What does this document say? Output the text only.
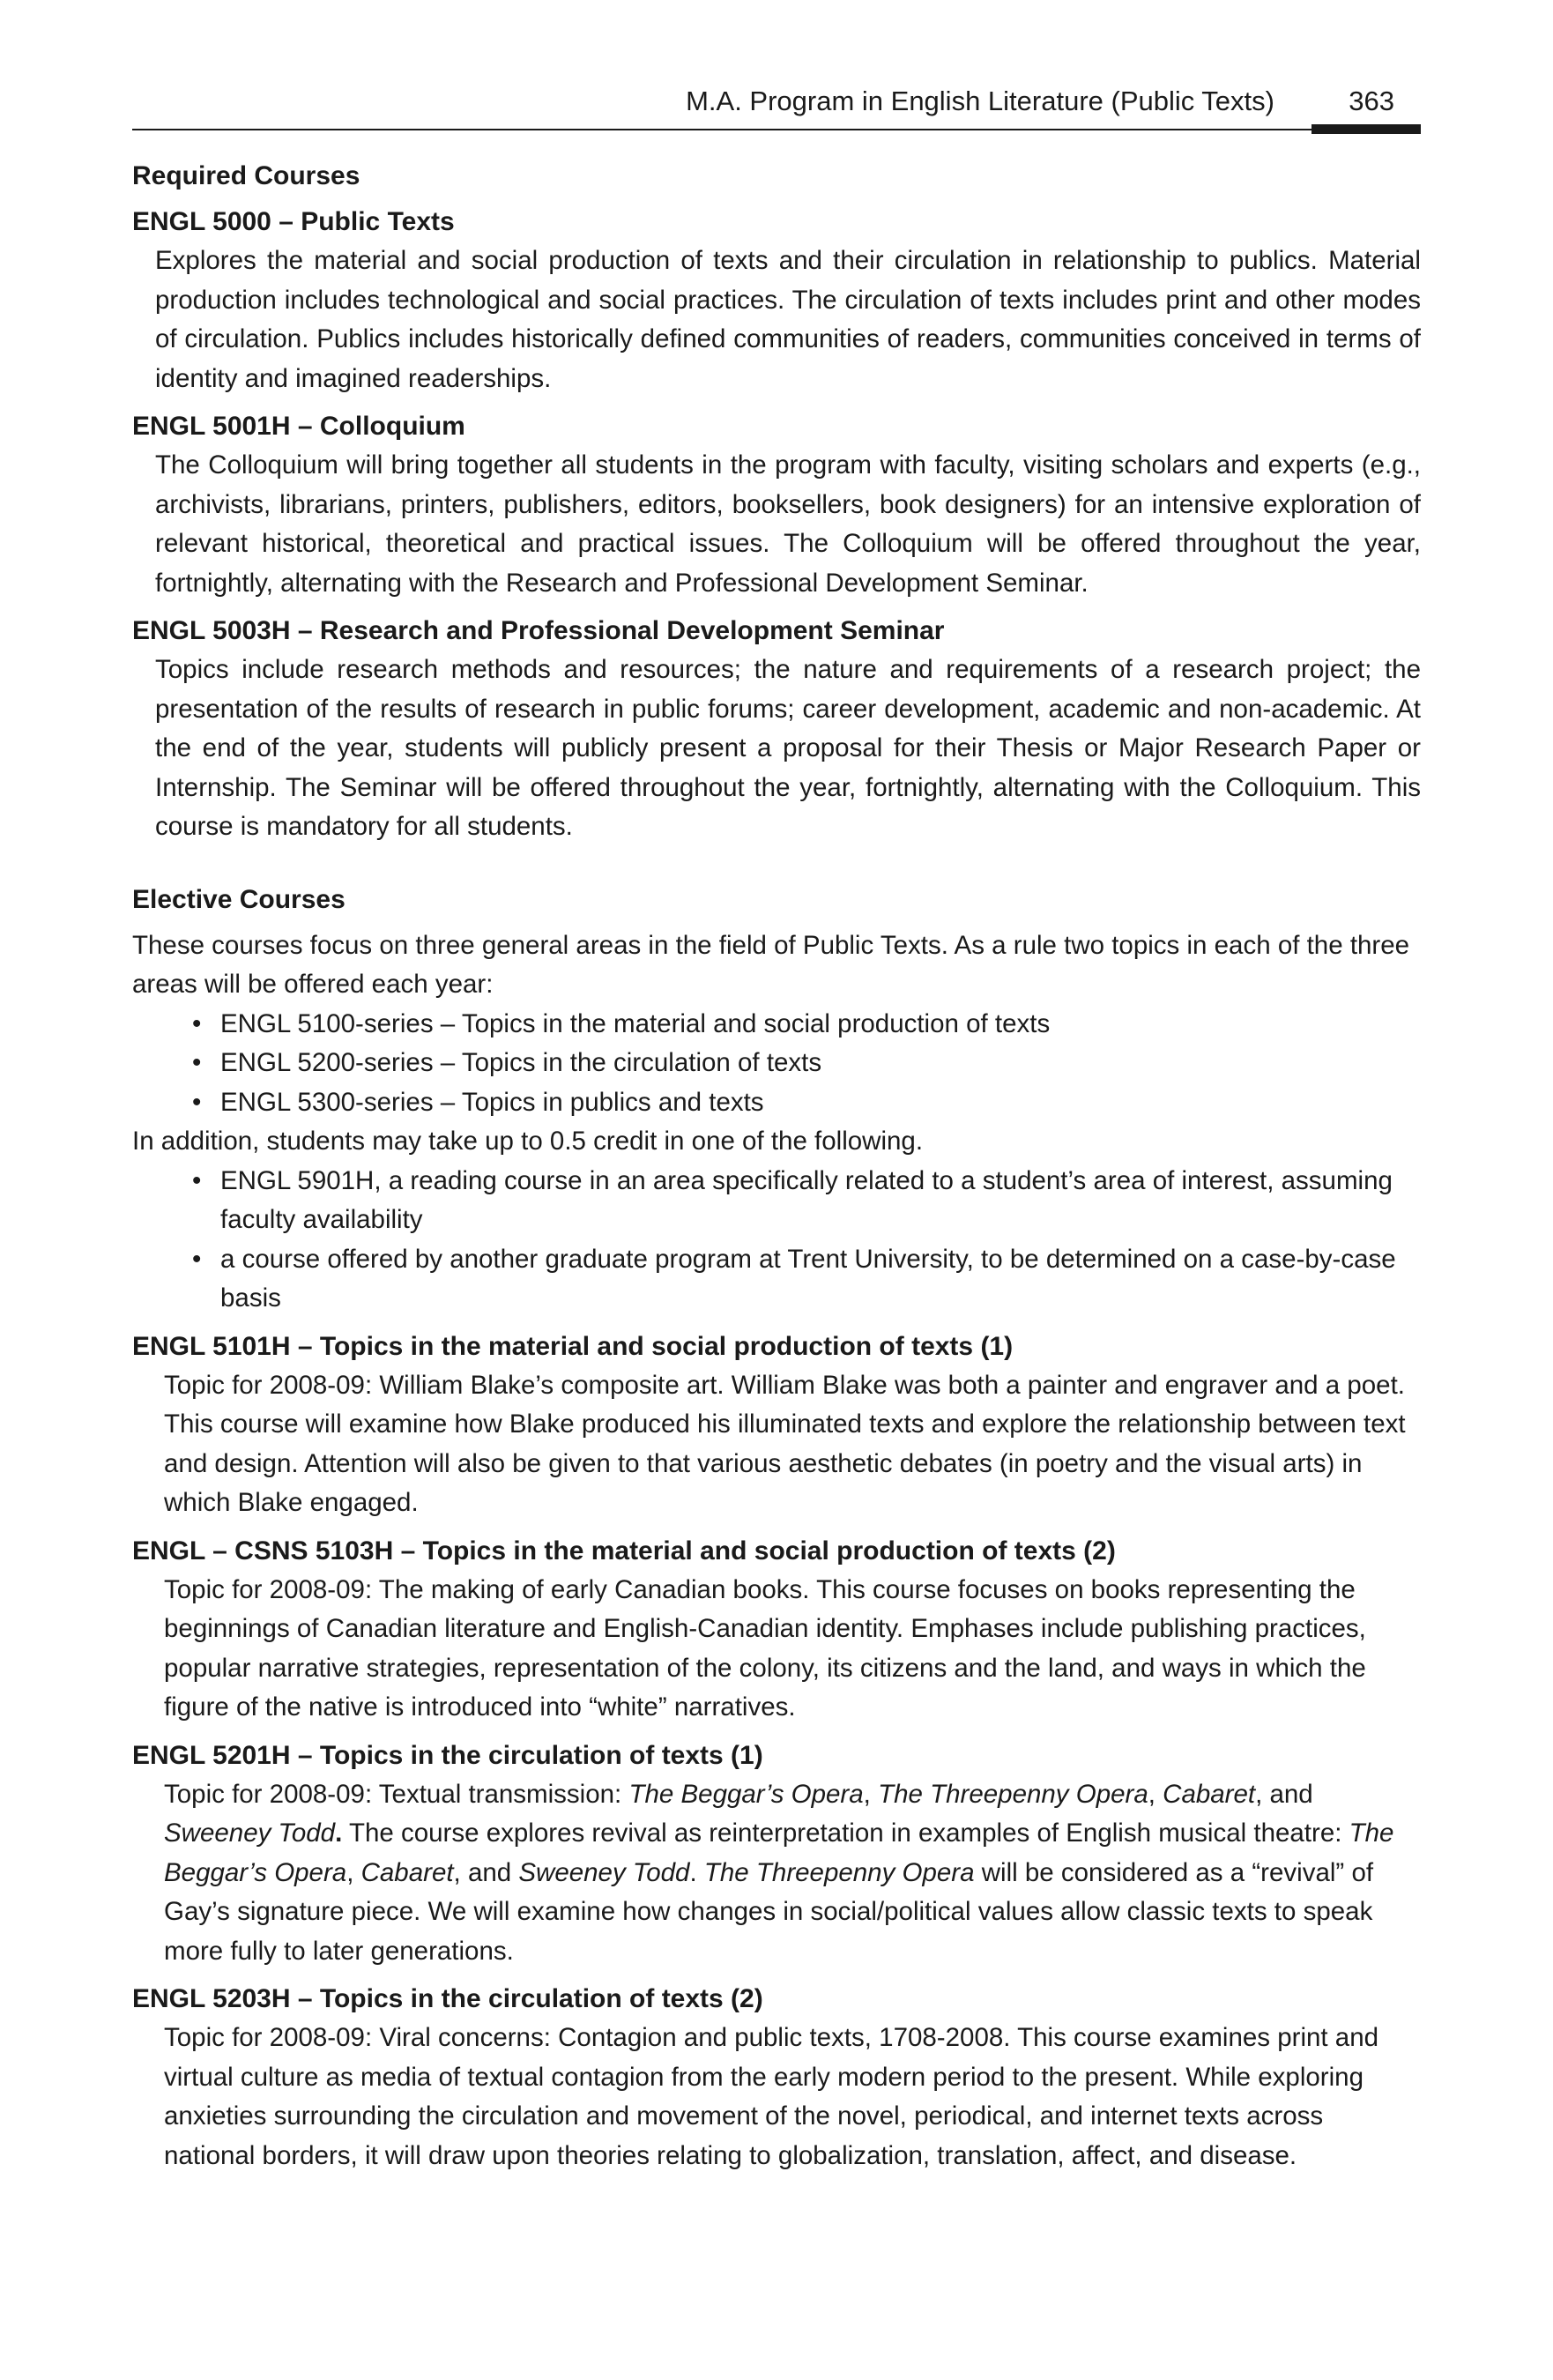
M.A. Program in English Literature (Public Texts)	363
Required Courses
ENGL 5000 – Public Texts

Explores the material and social production of texts and their circulation in relationship to publics. Material production includes technological and social practices. The circulation of texts includes print and other modes of circulation. Publics includes historically defined communities of readers, communities conceived in terms of identity and imagined readerships.

ENGL 5001H – Colloquium

The Colloquium will bring together all students in the program with faculty, visiting scholars and experts (e.g., archivists, librarians, printers, publishers, editors, booksellers, book designers) for an intensive exploration of relevant historical, theoretical and practical issues. The Colloquium will be offered throughout the year, fortnightly, alternating with the Research and Professional Development Seminar.

ENGL 5003H – Research and Professional Development Seminar

Topics include research methods and resources; the nature and requirements of a research project; the presentation of the results of research in public forums; career development, academic and non-academic. At the end of the year, students will publicly present a proposal for their Thesis or Major Research Paper or Internship. The Seminar will be offered throughout the year, fortnightly, alternating with the Colloquium. This course is mandatory for all students.

Elective Courses

These courses focus on three general areas in the field of Public Texts. As a rule two topics in each of the three areas will be offered each year:

• ENGL 5100-series – Topics in the material and social production of texts
• ENGL 5200-series – Topics in the circulation of texts
• ENGL 5300-series – Topics in publics and texts

In addition, students may take up to 0.5 credit in one of the following.

• ENGL 5901H, a reading course in an area specifically related to a student’s area of interest, assuming faculty availability
• a course offered by another graduate program at Trent University, to be determined on a case-by-case basis
ENGL 5101H – Topics in the material and social production of texts (1)

Topic for 2008-09: William Blake’s composite art. William Blake was both a painter and engraver and a poet. This course will examine how Blake produced his illuminated texts and explore the relationship between text and design. Attention will also be given to that various aesthetic debates (in poetry and the visual arts) in which Blake engaged.

ENGL – CSNS 5103H – Topics in the material and social production of texts (2)

Topic for 2008-09: The making of early Canadian books. This course focuses on books representing the beginnings of Canadian literature and English-Canadian identity. Emphases include publishing practices, popular narrative strategies, representation of the colony, its citizens and the land, and ways in which the figure of the native is introduced into “white” narratives.

ENGL 5201H – Topics in the circulation of texts (1)

Topic for 2008-09: Textual transmission: The Beggar’s Opera, The Threepenny Opera, Cabaret, and Sweeney Todd. The course explores revival as reinterpretation in examples of English musical theatre: The Beggar’s Opera, Cabaret, and Sweeney Todd. The Threepenny Opera will be considered as a “revival” of Gay’s signature piece. We will examine how changes in social/political values allow classic texts to speak more fully to later generations.

ENGL 5203H – Topics in the circulation of texts (2)

Topic for 2008-09: Viral concerns: Contagion and public texts, 1708-2008. This course examines print and virtual culture as media of textual contagion from the early modern period to the present. While exploring anxieties surrounding the circulation and movement of the novel, periodical, and internet texts across national borders, it will draw upon theories relating to globalization, translation, affect, and disease.
